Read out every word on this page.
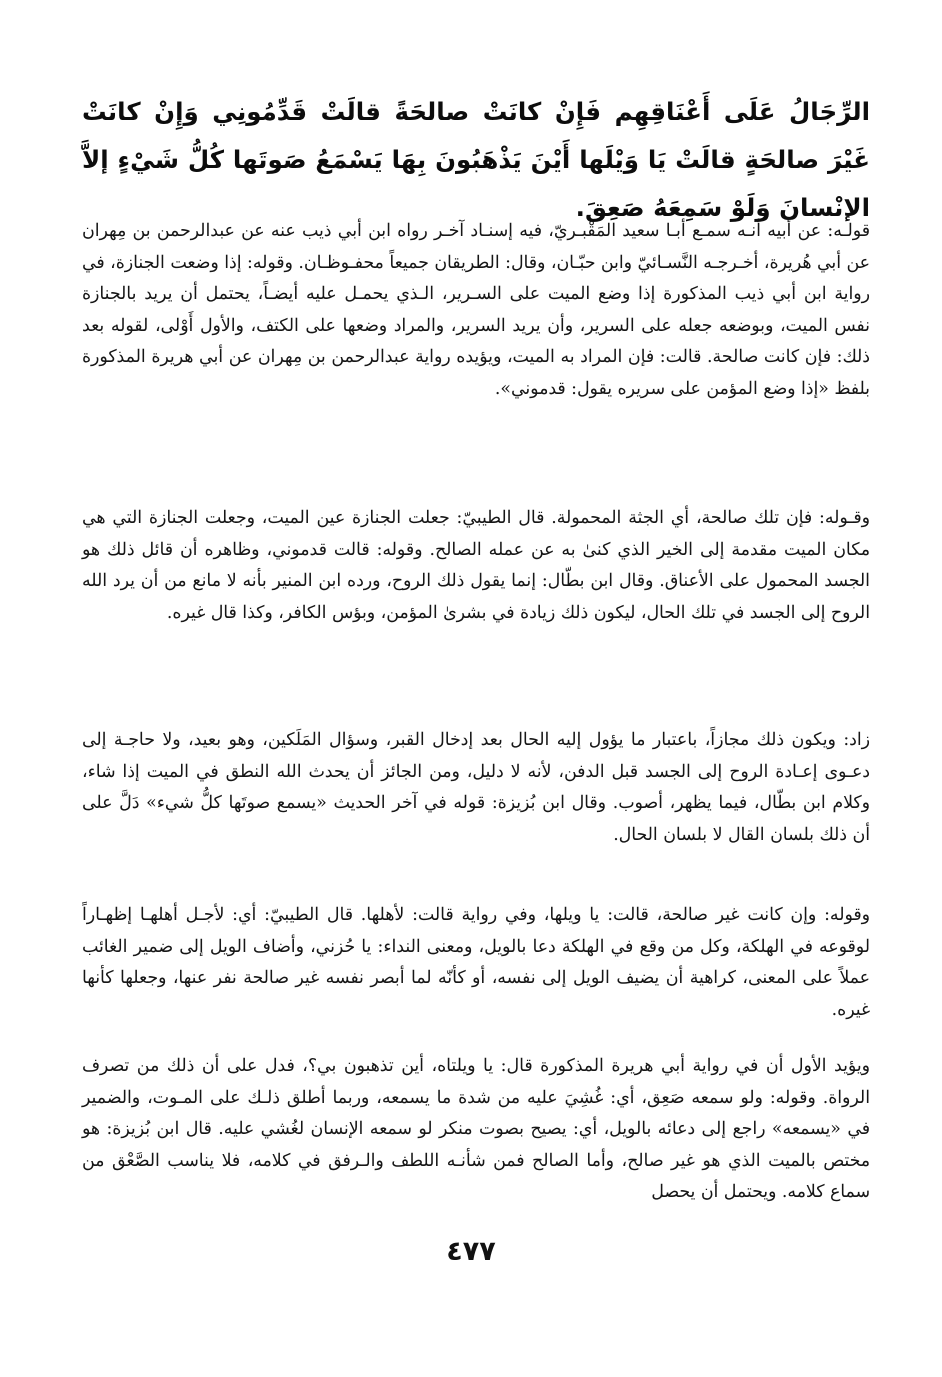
الرِّجَالُ عَلَى أَعْنَاقِهِم فَإِنْ كانَتْ صالحَةً قالَتْ قَدِّمُونِي وَإِنْ كانَتْ غَيْرَ صالحَةٍ قالَتْ يَا وَيْلَها أَيْنَ يَذْهَبُونَ بِهَا يَسْمَعُ صَوتَها كُلُّ شَيْءٍ إلاَّ الإنْسانَ وَلَوْ سَمِعَهُ صَعِقَ.

قولـه: عن أبيه أنـه سمـع أبـا سعيد المَقْبـريّ، فيه إسنـاد آخـر رواه ابن أبي ذيب عنه عن عبدالرحمن بن مِهران عن أبي هُريرة، أخـرجـه النَّسـائيّ وابن حبّـان، وقال: الطريقان جميعاً محفـوظـان. وقوله: إذا وضعت الجنازة، في رواية ابن أبي ذيب المذكورة إذا وضع الميت على السـرير، الـذي يحمـل عليه أيضـاً، يحتمل أن يريد بالجنازة نفس الميت، وبوضعه جعله على السرير، وأن يريد السرير، والمراد وضعها على الكتف، والأول أَوْلى، لقوله بعد ذلك: فإن كانت صالحة. قالت: فإن المراد به الميت، ويؤيده رواية عبدالرحمن بن مِهران عن أبي هريرة المذكورة بلفظ «إذا وضع المؤمن على سريره يقول: قدموني».

وقـوله: فإن تلك صالحة، أي الجثة المحمولة. قال الطيبيّ: جعلت الجنازة عين الميت، وجعلت الجنازة التي هي مكان الميت مقدمة إلى الخير الذي كنىٰ به عن عمله الصالح. وقوله: قالت قدموني، وظاهره أن قائل ذلك هو الجسد المحمول على الأعناق. وقال ابن بطّال: إنما يقول ذلك الروح، ورده ابن المنير بأنه لا مانع من أن يرد الله الروح إلى الجسد في تلك الحال، ليكون ذلك زيادة في بشرىٰ المؤمن، وبؤس الكافر، وكذا قال غيره.

زاد: ويكون ذلك مجازاً، باعتبار ما يؤول إليه الحال بعد إدخال القبر، وسؤال المَلَكين، وهو بعيد، ولا حاجـة إلى دعـوى إعـادة الروح إلى الجسد قبل الدفن، لأنه لا دليل، ومن الجائز أن يحدث الله النطق في الميت إذا شاء، وكلام ابن بطّال، فيما يظهر، أصوب. وقال ابن بُزيزة: قوله في آخر الحديث «يسمع صوتَها كلُّ شيء» دَلَّ على أن ذلك بلسان القال لا بلسان الحال.

وقوله: وإن كانت غير صالحة، قالت: يا ويلها، وفي رواية قالت: لأهلها. قال الطيبيّ: أي: لأجـل أهلهـا إظهـاراً لوقوعه في الهلكة، وكل من وقع في الهلكة دعا بالويل، ومعنى النداء: يا حُزني، وأضاف الويل إلى ضمير الغائب عملاً على المعنى، كراهية أن يضيف الويل إلى نفسه، أو كأنّه لما أبصر نفسه غير صالحة نفر عنها، وجعلها كأنها غيره.

ويؤيد الأول أن في رواية أبي هريرة المذكورة قال: يا ويلتاه، أين تذهبون بي؟، فدل على أن ذلك من تصرف الرواة. وقوله: ولو سمعه صَعِق، أي: غُشِيَ عليه من شدة ما يسمعه، وربما أطلق ذلـك على المـوت، والضمير في «يسمعه» راجع إلى دعائه بالويل، أي: يصيح بصوت منكر لو سمعه الإنسان لغُشي عليه. قال ابن بُزيزة: هو مختص بالميت الذي هو غير صالح، وأما الصالح فمن شأنـه اللطف والـرفق في كلامه، فلا يناسب الصَّعْق من سماع كلامه. ويحتمل أن يحصل

٤٧٧
